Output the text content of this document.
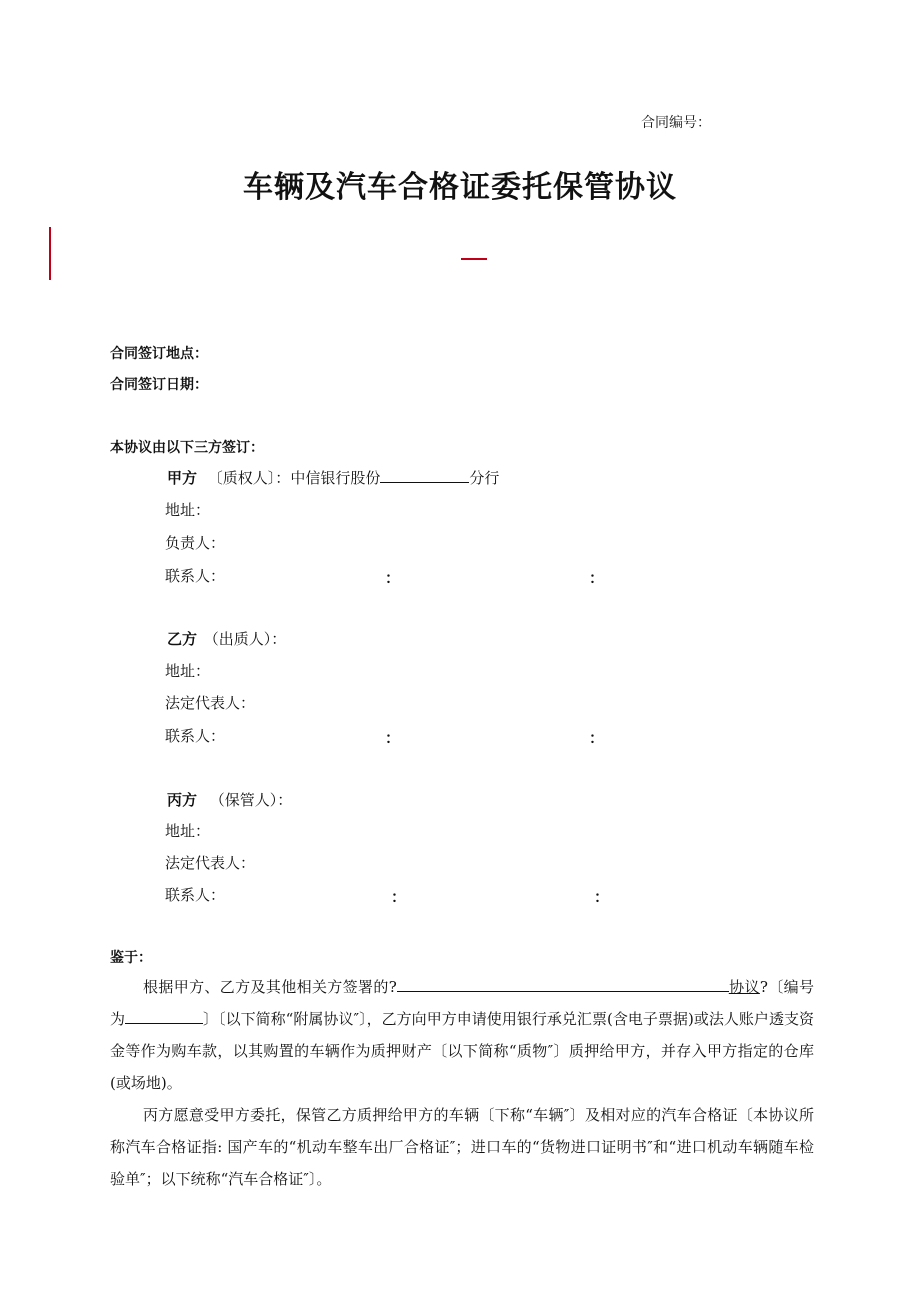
合同编号：
车辆及汽车合格证委托保管协议
合同签订地点：
合同签订日期：
本协议由以下三方签订：
甲方 〔质权人〕：中信银行股份	分行
地址：
负责人：
联系人：	：	：
乙方 （出质人）：
地址：
法定代表人：
联系人：	：	：
丙方 （保管人）：
地址：
法定代表人：
联系人：	：	：
鉴于：
根据甲方、乙方及其他相关方签署的?	协议?〔编号为	〕〔以下简称“附属协议″〕，乙方向甲方申请使用银行承兑汇票(含电子票据)或法人账户透支资金等作为购车款，以其购置的车辆作为质押财产〔以下简称“质物″〕质押给甲方，并存入甲方指定的仓库(或场地)。
丙方愿意受甲方委托，保管乙方质押给甲方的车辆〔下称“车辆″〕及相对应的汽车合格证〔本协议所称汽车合格证指: 国产车的“机动车整车出厂合格证″；进口车的“货物进口证明书″和“进口机动车辆随车检验单″；以下统称“汽车合格证″〕。
